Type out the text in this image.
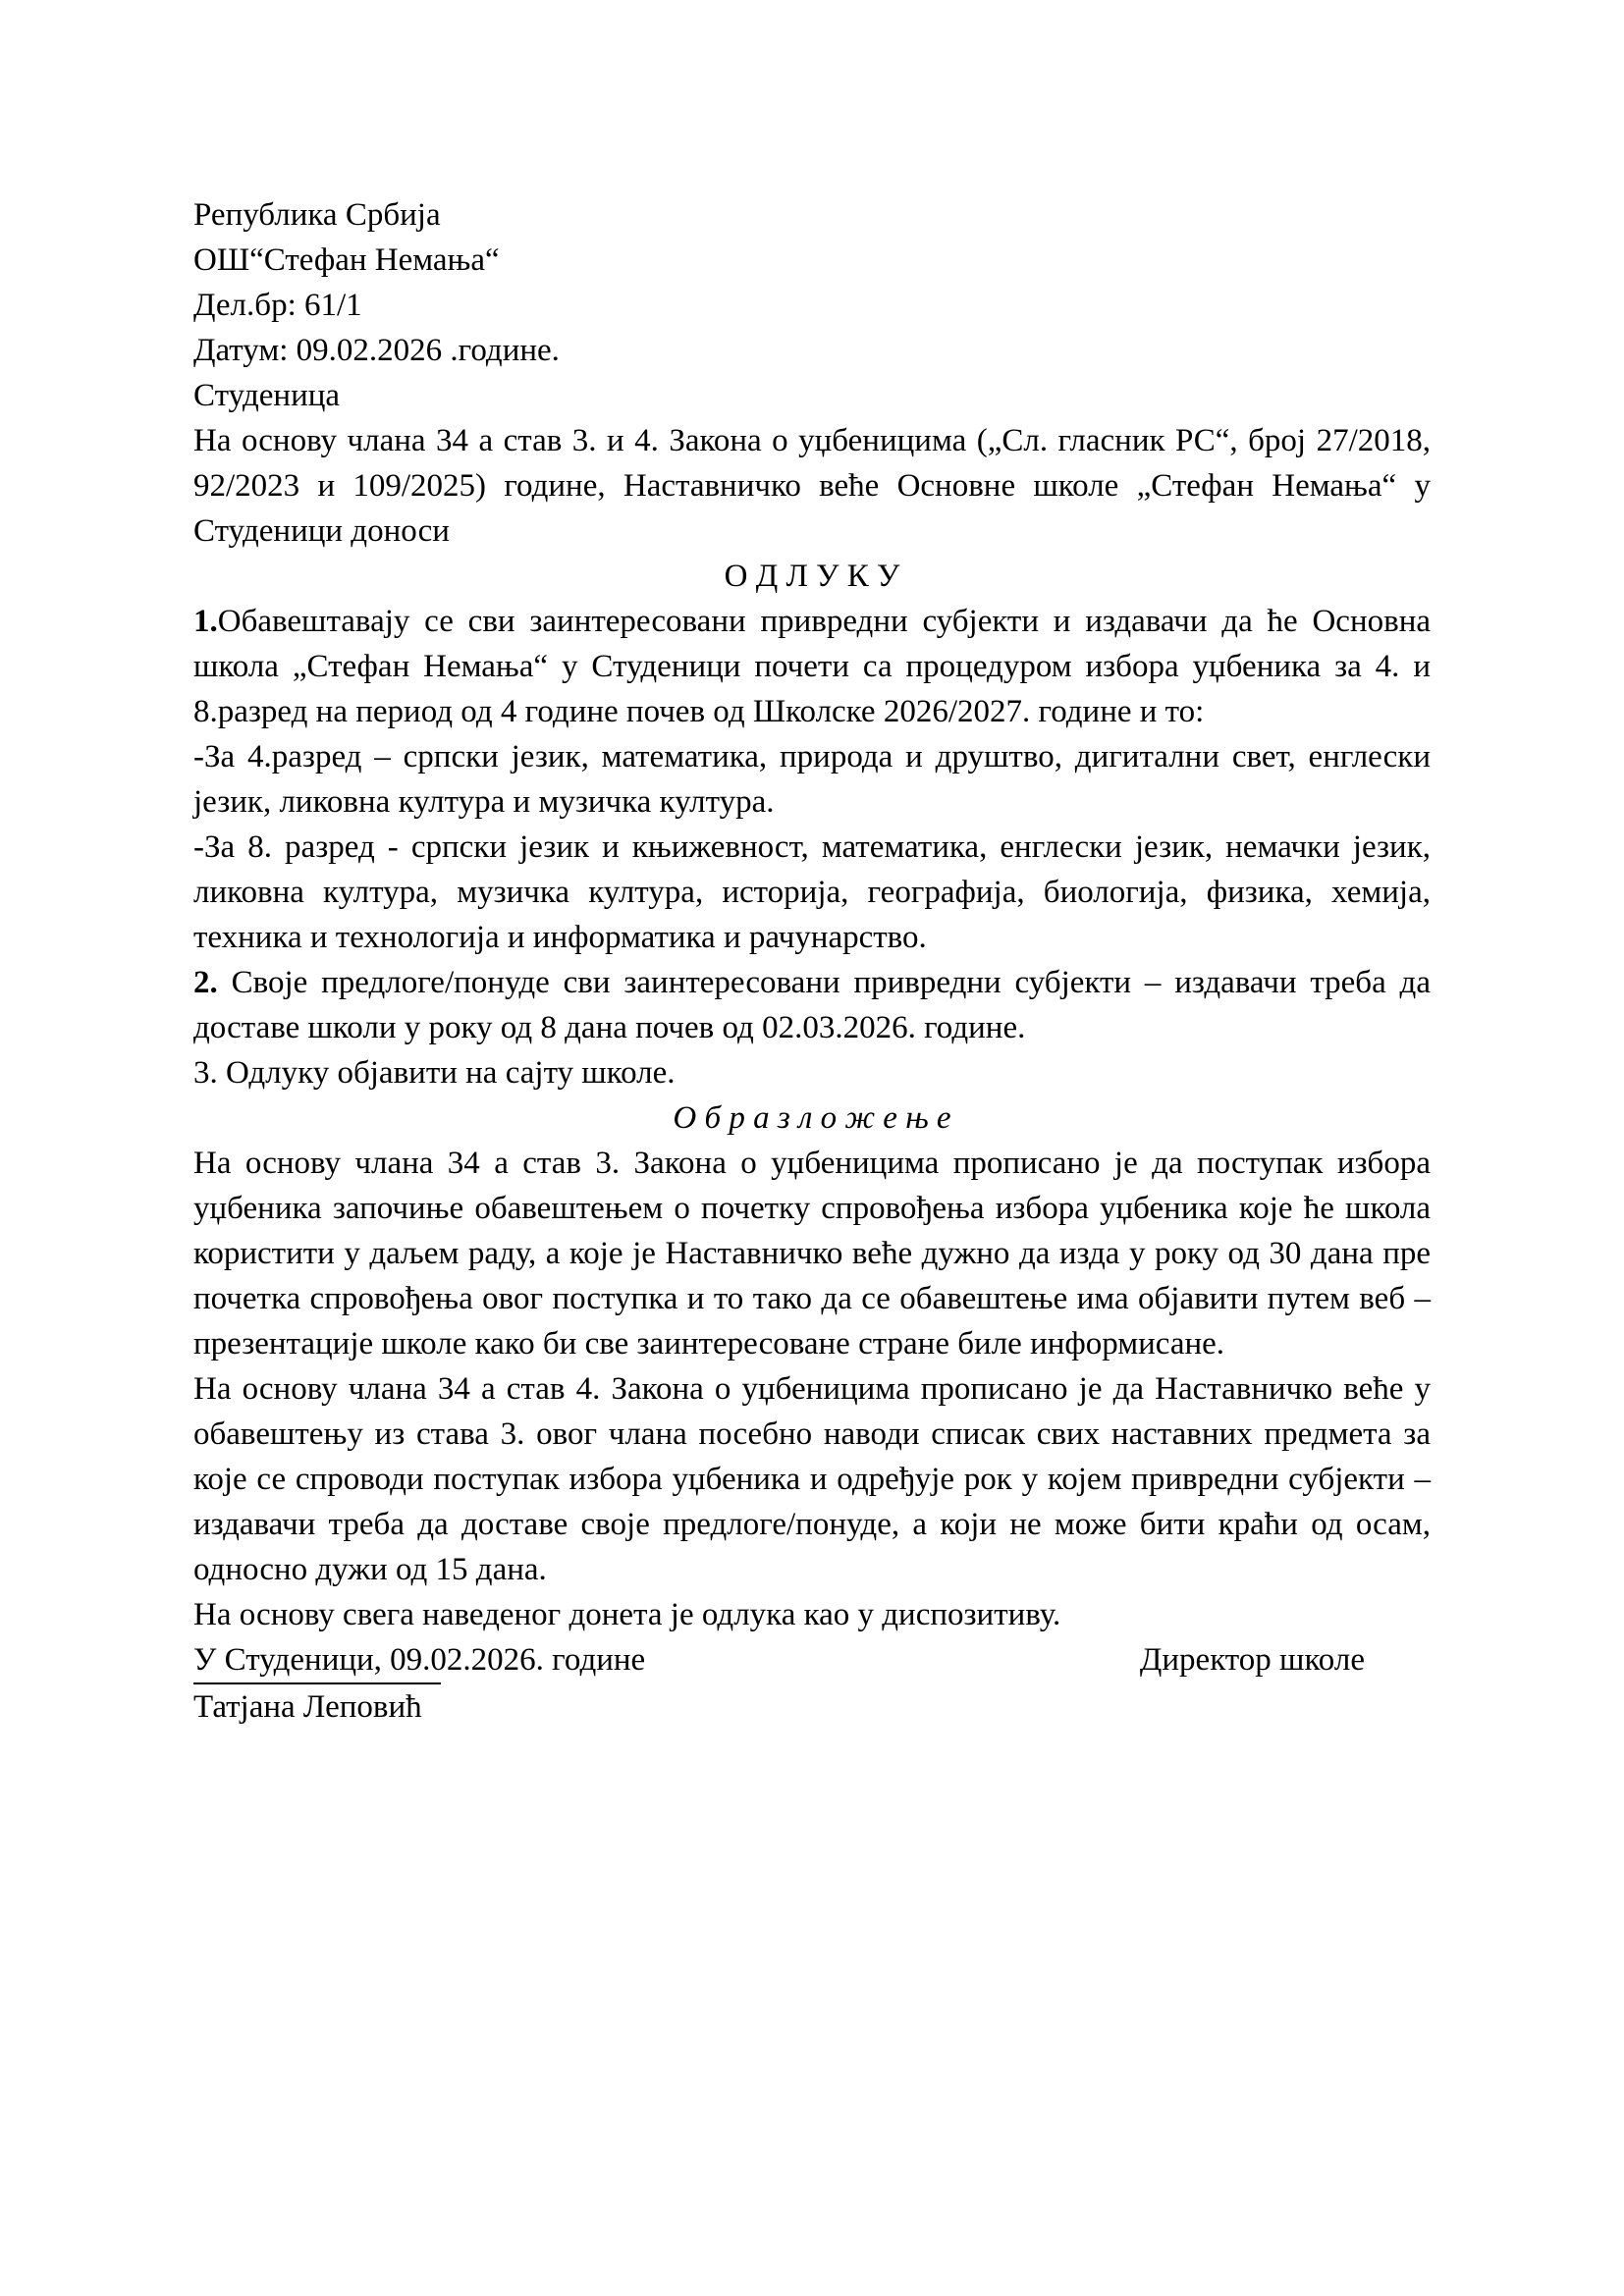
Република Србија
ОШ“Стефан Немања“
Дел.бр: 61/1
Датум: 09.02.2026 .године.
Студеница

На основу члана 34 а став 3. и 4. Закона о уџбеницима („Сл. гласник РС“, број 27/2018, 92/2023 и 109/2025) године, Наставничко веће Основне школе „Стефан Немања“ у Студеници доноси

О Д Л У К У

1.Обавештавају се сви заинтересовани привредни субјекти и издавачи да ће Основна школа „Стефан Немања“ у Студеници почети са процедуром избора уџбеника за 4. и 8.разред на период од 4 године почев од Школске 2026/2027. године и то:

-За 4.разред – српски језик, математика, природа и друштво, дигитални свет, енглески језик, ликовна култура и музичка култура.

-За 8. разред - српски језик и књижевност, математика, енглески језик, немачки језик, ликовна култура, музичка култура, историја, географија, биологија, физика, хемија, техника и технологија и информатика и рачунарство.

2. Своје предлоге/понуде сви заинтересовани привредни субјекти – издавачи треба да доставе школи у року од 8 дана почев од 02.03.2026. године.

3. Одлуку објавити на сајту школе.

О б р а з л о ж е њ е

На основу члана 34 а став 3. Закона о уџбеницима прописано је да поступак избора уџбеника започиње обавештењем о почетку спровођења избора уџбеника које ће школа користити у даљем раду, а које је Наставничко веће дужно да изда у року од 30 дана пре почетка спровођења овог поступка и то тако да се обавештење има објавити путем веб – презентације школе како би све заинтересоване стране биле информисане.

На основу члана 34 а став 4. Закона о уџбеницима прописано је да Наставничко веће у обавештењу из става 3. овог члана посебно наводи списак свих наставних предмета за које се спроводи поступак избора уџбеника и одређује рок у којем привредни субјекти – издавачи треба да доставе своје предлоге/понуде, а који не може бити краћи од осам, односно дужи од 15 дана.

На основу свега наведеног донета је одлука као у диспозитиву.

У Студеници, 09.02.2026. године	Директор школе
Татјана Леповић
